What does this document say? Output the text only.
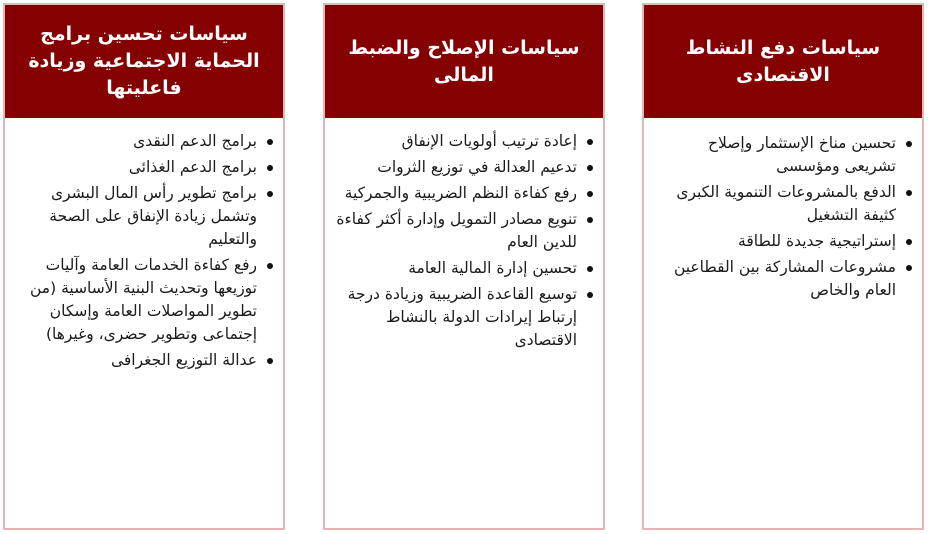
سياسات تحسين برامج الحماية الاجتماعية وزيادة فاعليتها
برامج الدعم النقدى
برامج الدعم الغذائى
برامج تطوير رأس المال البشرى وتشمل زيادة الإنفاق على الصحة والتعليم
رفع كفاءة الخدمات العامة وآليات توزيعها وتحديث البنية الأساسية (من تطوير المواصلات العامة وإسكان إجتماعى وتطوير حضرى، وغيرها)
عدالة التوزيع الجغرافى
سياسات الإصلاح والضبط المالى
إعادة ترتيب أولويات الإنفاق
تدعيم العدالة في توزيع الثروات
رفع كفاءة النظم الضريبية والجمركية
تنويع مصادر التمويل وإدارة أكثر كفاءة للدين العام
تحسين إدارة المالية العامة
توسيع القاعدة الضريبية وزيادة درجة إرتباط إيرادات الدولة بالنشاط الاقتصادى
سياسات دفع النشاط الاقتصادى
تحسين مناخ الإستثمار وإصلاح تشريعى ومؤسسى
الدفع بالمشروعات التنموية الكبرى كثيفة التشغيل
إستراتيجية جديدة للطاقة
مشروعات المشاركة بين القطاعين العام والخاص
